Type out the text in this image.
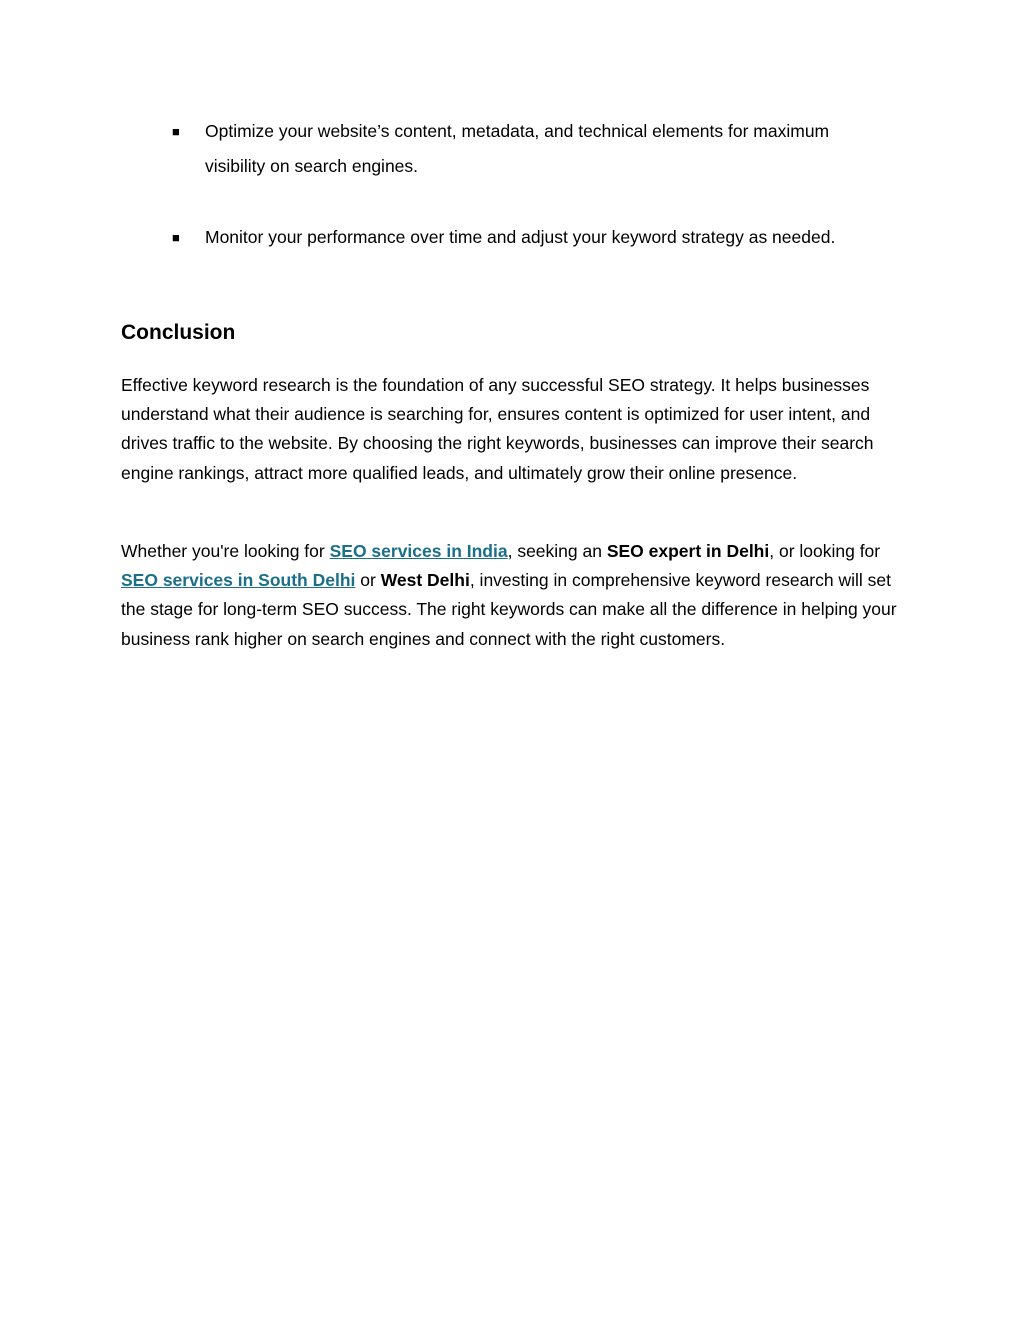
■	Optimize your website’s content, metadata, and technical elements for maximum visibility on search engines.
■	Monitor your performance over time and adjust your keyword strategy as needed.
Conclusion

Effective keyword research is the foundation of any successful SEO strategy. It helps businesses understand what their audience is searching for, ensures content is optimized for user intent, and drives traffic to the website. By choosing the right keywords, businesses can improve their search engine rankings, attract more qualified leads, and ultimately grow their online presence.

Whether you're looking for SEO services in India, seeking an SEO expert in Delhi, or looking for SEO services in South Delhi or West Delhi, investing in comprehensive keyword research will set the stage for long-term SEO success. The right keywords can make all the difference in helping your business rank higher on search engines and connect with the right customers.
